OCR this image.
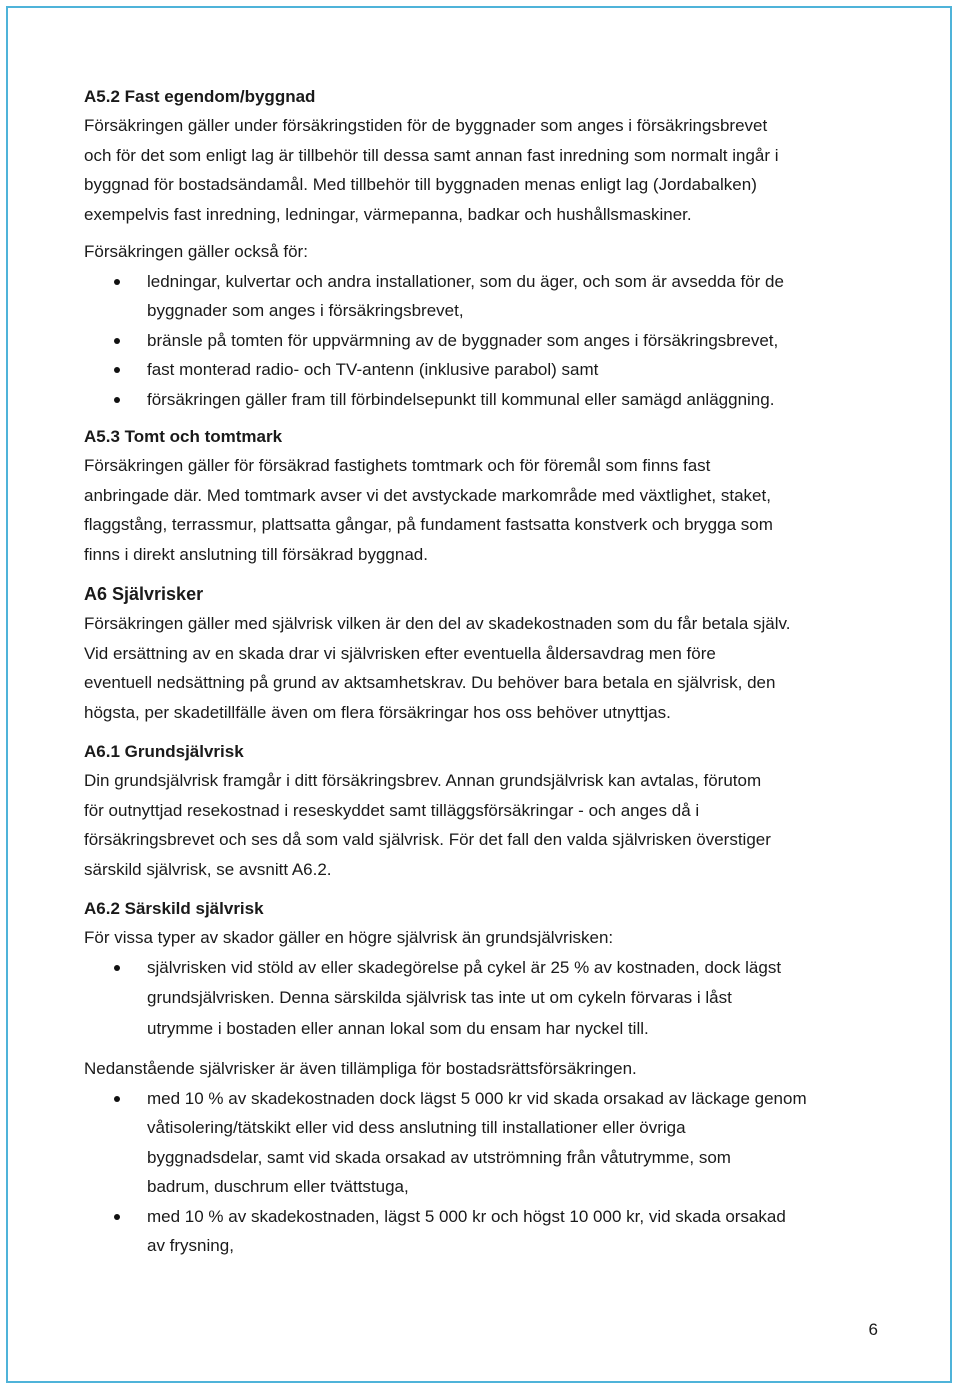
A5.2 Fast egendom/byggnad

Försäkringen gäller under försäkringstiden för de byggnader som anges i försäkringsbrevet

och för det som enligt lag är tillbehör till dessa samt annan fast inredning som normalt ingår i

byggnad för bostadsändamål. Med tillbehör till byggnaden menas enligt lag (Jordabalken)

exempelvis fast inredning, ledningar, värmepanna, badkar och hushållsmaskiner.

Försäkringen gäller också för:

ledningar, kulvertar och andra installationer, som du äger, och som är avsedda för de
byggnader som anges i försäkringsbrevet,
bränsle på tomten för uppvärmning av de byggnader som anges i försäkringsbrevet,
fast monterad radio- och TV-antenn (inklusive parabol) samt
försäkringen gäller fram till förbindelsepunkt till kommunal eller samägd anläggning.

A5.3 Tomt och tomtmark

Försäkringen gäller för försäkrad fastighets tomtmark och för föremål som finns fast

anbringade där. Med tomtmark avser vi det avstyckade markområde med växtlighet, staket,

flaggstång, terrassmur, plattsatta gångar, på fundament fastsatta konstverk och brygga som

finns i direkt anslutning till försäkrad byggnad.

A6 Självrisker

Försäkringen gäller med självrisk vilken är den del av skadekostnaden som du får betala själv.

Vid ersättning av en skada drar vi självrisken efter eventuella åldersavdrag men före

eventuell nedsättning på grund av aktsamhetskrav. Du behöver bara betala en självrisk, den

högsta, per skadetillfälle även om flera försäkringar hos oss behöver utnyttjas.

A6.1 Grundsjälvrisk

Din grundsjälvrisk framgår i ditt försäkringsbrev. Annan grundsjälvrisk kan avtalas, förutom

för outnyttjad resekostnad i reseskyddet samt tilläggsförsäkringar - och anges då i

försäkringsbrevet och ses då som vald självrisk. För det fall den valda självrisken överstiger

särskild självrisk, se avsnitt A6.2.

A6.2 Särskild självrisk

För vissa typer av skador gäller en högre självrisk än grundsjälvrisken:

självrisken vid stöld av eller skadegörelse på cykel är 25 % av kostnaden, dock lägst
grundsjälvrisken. Denna särskilda självrisk tas inte ut om cykeln förvaras i låst
utrymme i bostaden eller annan lokal som du ensam har nyckel till.

Nedanstående självrisker är även tillämpliga för bostadsrättsförsäkringen.

med 10 % av skadekostnaden dock lägst 5 000 kr vid skada orsakad av läckage genom
våtisolering/tätskikt eller vid dess anslutning till installationer eller övriga
byggnadsdelar, samt vid skada orsakad av utströmning från våtutrymme, som
badrum, duschrum eller tvättstuga,
med 10 % av skadekostnaden, lägst 5 000 kr och högst 10 000 kr, vid skada orsakad
av frysning,
6
